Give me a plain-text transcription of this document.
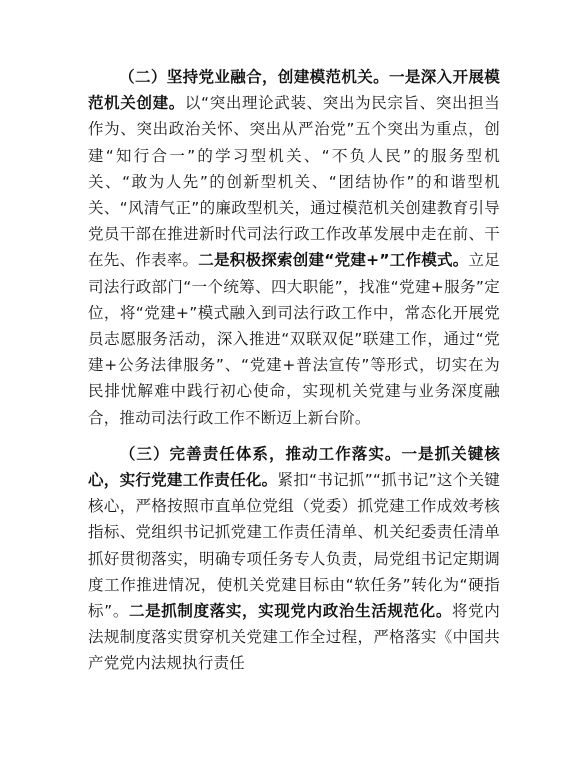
（二）坚持党业融合，创建模范机关。一是深入开展模范机关创建。以“突出理论武装、突出为民宗旨、突出担当作为、突出政治关怀、突出从严治党”五个突出为重点，创建“知行合一”的学习型机关、“不负人民”的服务型机关、“敢为人先”的创新型机关、“团结协作”的和谐型机关、“风清气正”的廉政型机关，通过模范机关创建教育引导党员干部在推进新时代司法行政工作改革发展中走在前、干在先、作表率。二是积极探索创建“党建+”工作模式。立足司法行政部门“一个统筹、四大职能”，找准“党建+服务”定位，将“党建+”模式融入到司法行政工作中，常态化开展党员志愿服务活动，深入推进“双联双促”联建工作，通过“党建+公务法律服务”、“党建+普法宣传”等形式，切实在为民排忧解难中践行初心使命，实现机关党建与业务深度融合，推动司法行政工作不断迈上新台阶。

（三）完善责任体系，推动工作落实。一是抓关键核心，实行党建工作责任化。紧扣“书记抓”“抓书记”这个关键核心，严格按照市直单位党组（党委）抓党建工作成效考核指标、党组织书记抓党建工作责任清单、机关纪委责任清单抓好贯彻落实，明确专项任务专人负责，局党组书记定期调度工作推进情况，使机关党建目标由“软任务”转化为“硬指标”。二是抓制度落实，实现党内政治生活规范化。将党内法规制度落实贯穿机关党建工作全过程，严格落实《中国共产党党内法规执行责任
